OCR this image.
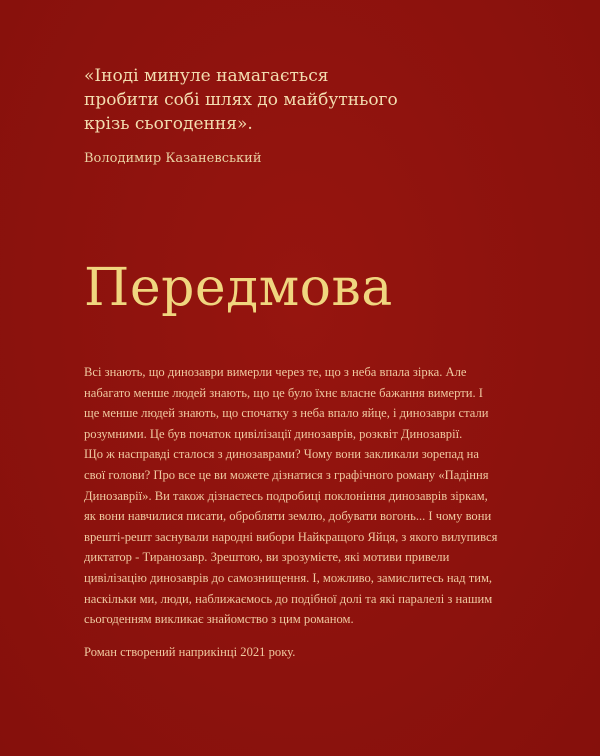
«Іноді минуле намагається
пробити собі шлях до майбутнього
крізь сьогодення».

Володимир Казаневський
Передмова

Всі знають, що динозаври вимерли через те, що з неба впала зірка. Але
набагато менше людей знають, що це було їхнє власне бажання вимерти. І
ще менше людей знають, що спочатку з неба впало яйце, і динозаври стали
розумними. Це був початок цивілізації динозаврів, розквіт Динозаврії.
Що ж насправді сталося з динозаврами? Чому вони закликали зорепад на
свої голови? Про все це ви можете дізнатися з графічного роману «Падіння
Динозаврії». Ви також дізнаєтесь подробиці поклоніння динозаврів зіркам,
як вони навчилися писати, обробляти землю, добувати вогонь... І чому вони
врешті-решт заснували народні вибори Найкращого Яйця, з якого вилупився
диктатор - Тиранозавр. Зрештою, ви зрозумієте, які мотиви привели
цивілізацію динозаврів до самознищення. І, можливо, замислитесь над тим,
наскільки ми, люди, наближаємось до подібної долі та які паралелі з нашим
сьогоденням викликає знайомство з цим романом.

Роман створений наприкінці 2021 року.
